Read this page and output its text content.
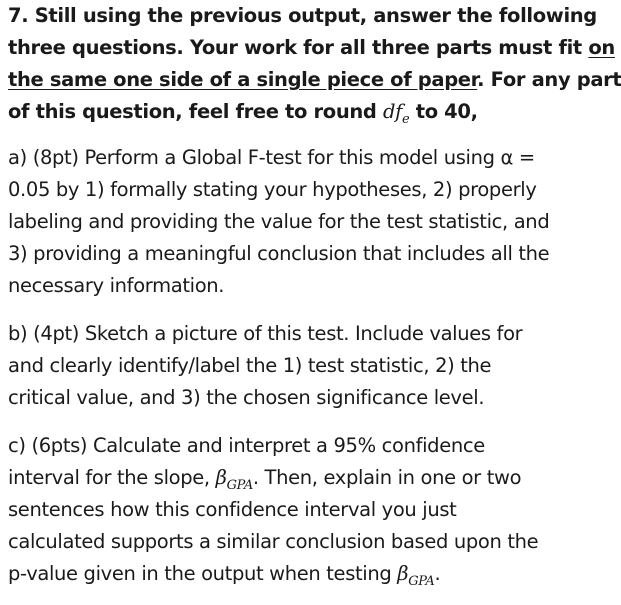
7. Still using the previous output, answer the following
three questions. Your work for all three parts must fit on
the same one side of a single piece of paper. For any part
of this question, feel free to round $df_e$ to 40,
a) (8pt) Perform a Global F-test for this model using α =
0.05 by 1) formally stating your hypotheses, 2) properly
labeling and providing the value for the test statistic, and
3) providing a meaningful conclusion that includes all the
necessary information.
b) (4pt) Sketch a picture of this test. Include values for
and clearly identify/label the 1) test statistic, 2) the
critical value, and 3) the chosen significance level.
c) (6pts) Calculate and interpret a 95% confidence
interval for the slope, $\beta_{GPA}$. Then, explain in one or two
sentences how this confidence interval you just
calculated supports a similar conclusion based upon the
p-value given in the output when testing $\beta_{GPA}$.
